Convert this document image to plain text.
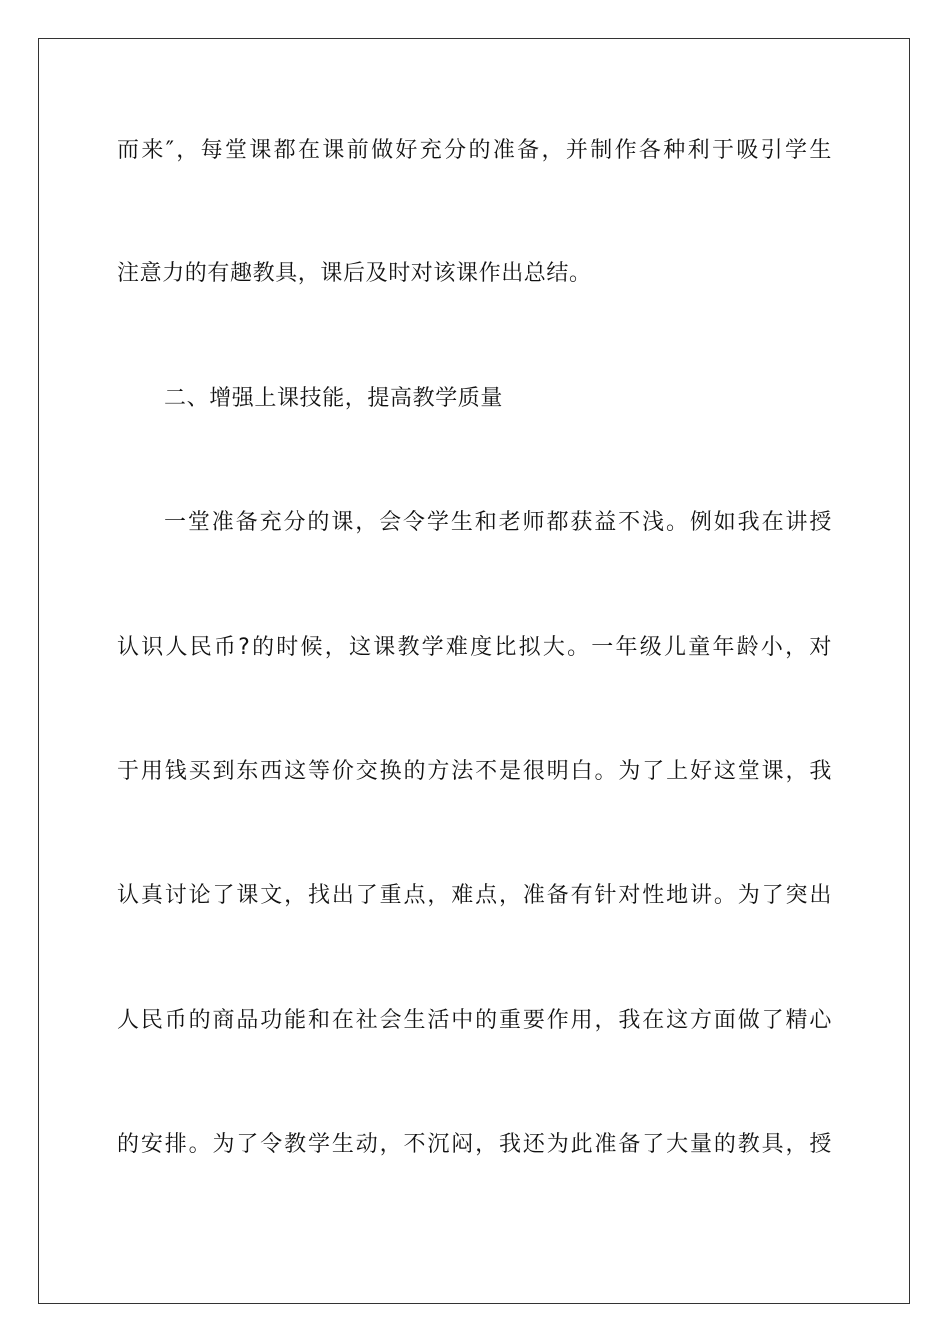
而来″，每堂课都在课前做好充分的准备，并制作各种利于吸引学生
注意力的有趣教具，课后及时对该课作出总结。
二、增强上课技能，提高教学质量
一堂准备充分的课，会令学生和老师都获益不浅。例如我在讲授
认识人民币?的时候，这课教学难度比拟大。一年级儿童年龄小，对
于用钱买到东西这等价交换的方法不是很明白。为了上好这堂课，我
认真讨论了课文，找出了重点，难点，准备有针对性地讲。为了突出
人民币的商品功能和在社会生活中的重要作用，我在这方面做了精心
的安排。为了令教学生动，不沉闷，我还为此准备了大量的教具，授
